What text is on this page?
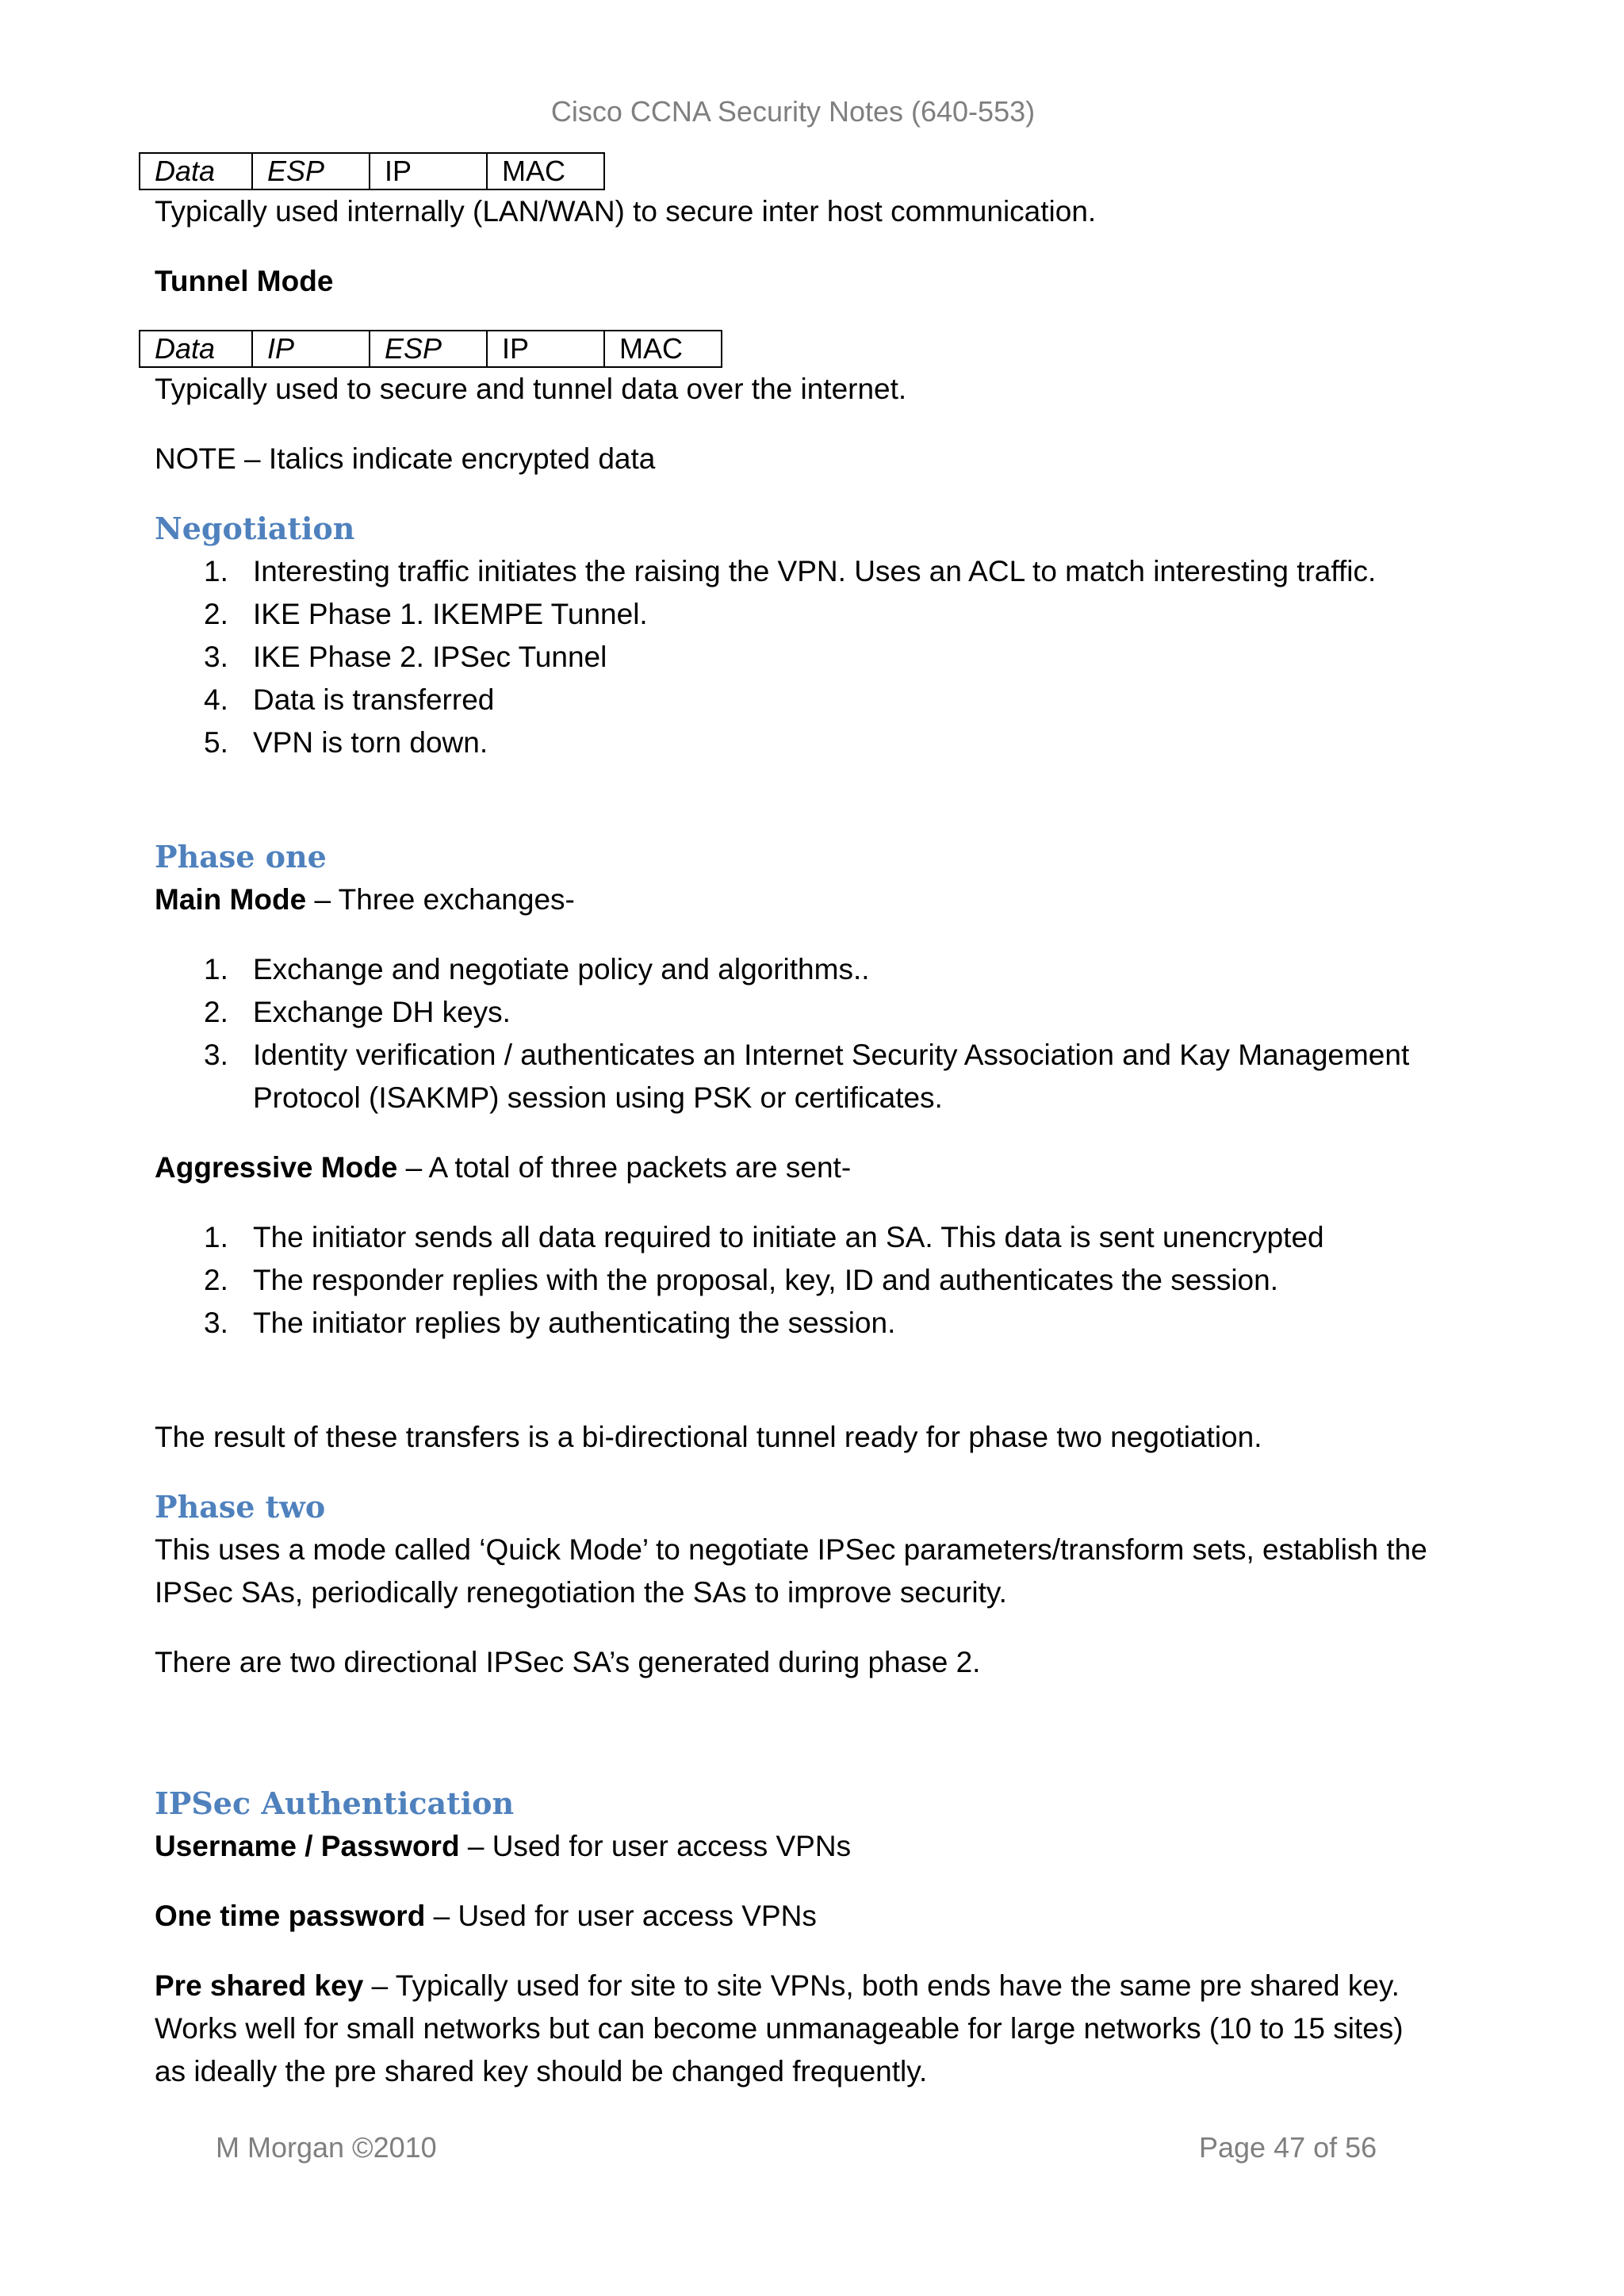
Cisco CCNA Security Notes (640-553)
Data	ESP	IP	MAC

Typically used internally (LAN/WAN) to secure inter host communication.

Tunnel Mode

Data	IP	ESP	IP	MAC

Typically used to secure and tunnel data over the internet.

NOTE – Italics indicate encrypted data

Negotiation
1. Interesting traffic initiates the raising the VPN. Uses an ACL to match interesting traffic.
2. IKE Phase 1. IKEMPE Tunnel.
3. IKE Phase 2. IPSec Tunnel
4. Data is transferred
5. VPN is torn down.
Phase one

Main Mode – Three exchanges-

1. Exchange and negotiate policy and algorithms..
2. Exchange DH keys.
3. Identity verification / authenticates an Internet Security Association and Kay Management Protocol (ISAKMP) session using PSK or certificates.

Aggressive Mode – A total of three packets are sent-

1. The initiator sends all data required to initiate an SA. This data is sent unencrypted
2. The responder replies with the proposal, key, ID and authenticates the session.
3. The initiator replies by authenticating the session.

The result of these transfers is a bi-directional tunnel ready for phase two negotiation.

Phase two

This uses a mode called ‘Quick Mode’ to negotiate IPSec parameters/transform sets, establish the IPSec SAs, periodically renegotiation the SAs to improve security.

There are two directional IPSec SA’s generated during phase 2.

IPSec Authentication

Username / Password – Used for user access VPNs

One time password – Used for user access VPNs

Pre shared key – Typically used for site to site VPNs, both ends have the same pre shared key. Works well for small networks but can become unmanageable for large networks (10 to 15 sites) as ideally the pre shared key should be changed frequently.

M Morgan ©2010	Page 47 of 56
